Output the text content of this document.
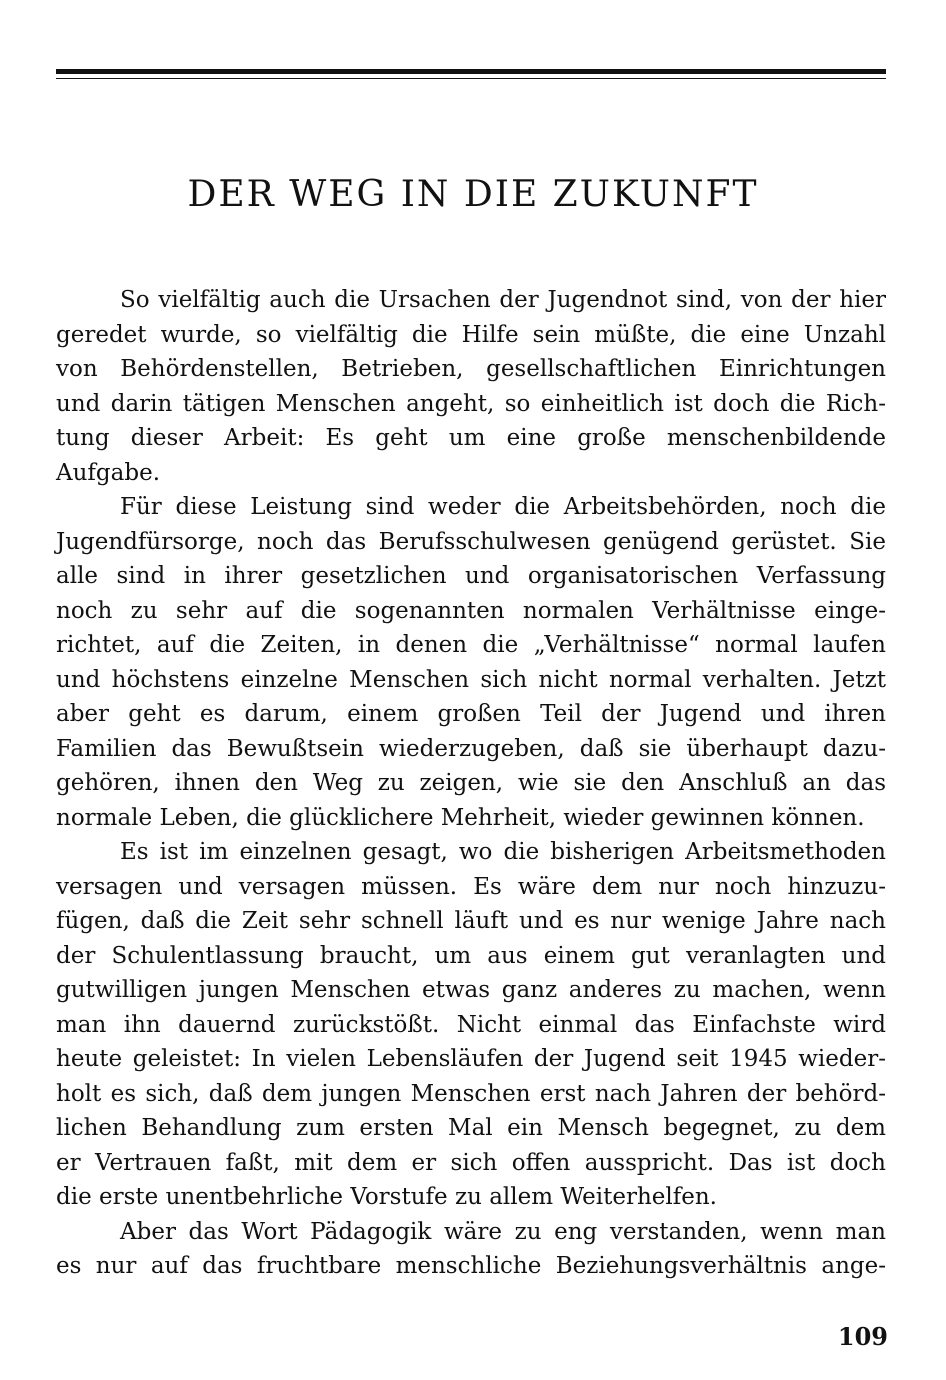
DER WEG IN DIE ZUKUNFT

So vielfältig auch die Ursachen der Jugendnot sind, von der hier
geredet wurde, so vielfältig die Hilfe sein müßte, die eine Unzahl
von Behördenstellen, Betrieben, gesellschaftlichen Einrichtungen
und darin tätigen Menschen angeht, so einheitlich ist doch die Rich-
tung dieser Arbeit: Es geht um eine große menschenbildende
Aufgabe.

Für diese Leistung sind weder die Arbeitsbehörden, noch die
Jugendfürsorge, noch das Berufsschulwesen genügend gerüstet. Sie
alle sind in ihrer gesetzlichen und organisatorischen Verfassung
noch zu sehr auf die sogenannten normalen Verhältnisse einge-
richtet, auf die Zeiten, in denen die „Verhältnisse“ normal laufen
und höchstens einzelne Menschen sich nicht normal verhalten. Jetzt
aber geht es darum, einem großen Teil der Jugend und ihren
Familien das Bewußtsein wiederzugeben, daß sie überhaupt dazu-
gehören, ihnen den Weg zu zeigen, wie sie den Anschluß an das
normale Leben, die glücklichere Mehrheit, wieder gewinnen können.

Es ist im einzelnen gesagt, wo die bisherigen Arbeitsmethoden
versagen und versagen müssen. Es wäre dem nur noch hinzuzu-
fügen, daß die Zeit sehr schnell läuft und es nur wenige Jahre nach
der Schulentlassung braucht, um aus einem gut veranlagten und
gutwilligen jungen Menschen etwas ganz anderes zu machen, wenn
man ihn dauernd zurückstößt. Nicht einmal das Einfachste wird
heute geleistet: In vielen Lebensläufen der Jugend seit 1945 wieder-
holt es sich, daß dem jungen Menschen erst nach Jahren der behörd-
lichen Behandlung zum ersten Mal ein Mensch begegnet, zu dem
er Vertrauen faßt, mit dem er sich offen ausspricht. Das ist doch
die erste unentbehrliche Vorstufe zu allem Weiterhelfen.

Aber das Wort Pädagogik wäre zu eng verstanden, wenn man
es nur auf das fruchtbare menschliche Beziehungsverhältnis ange-

109
